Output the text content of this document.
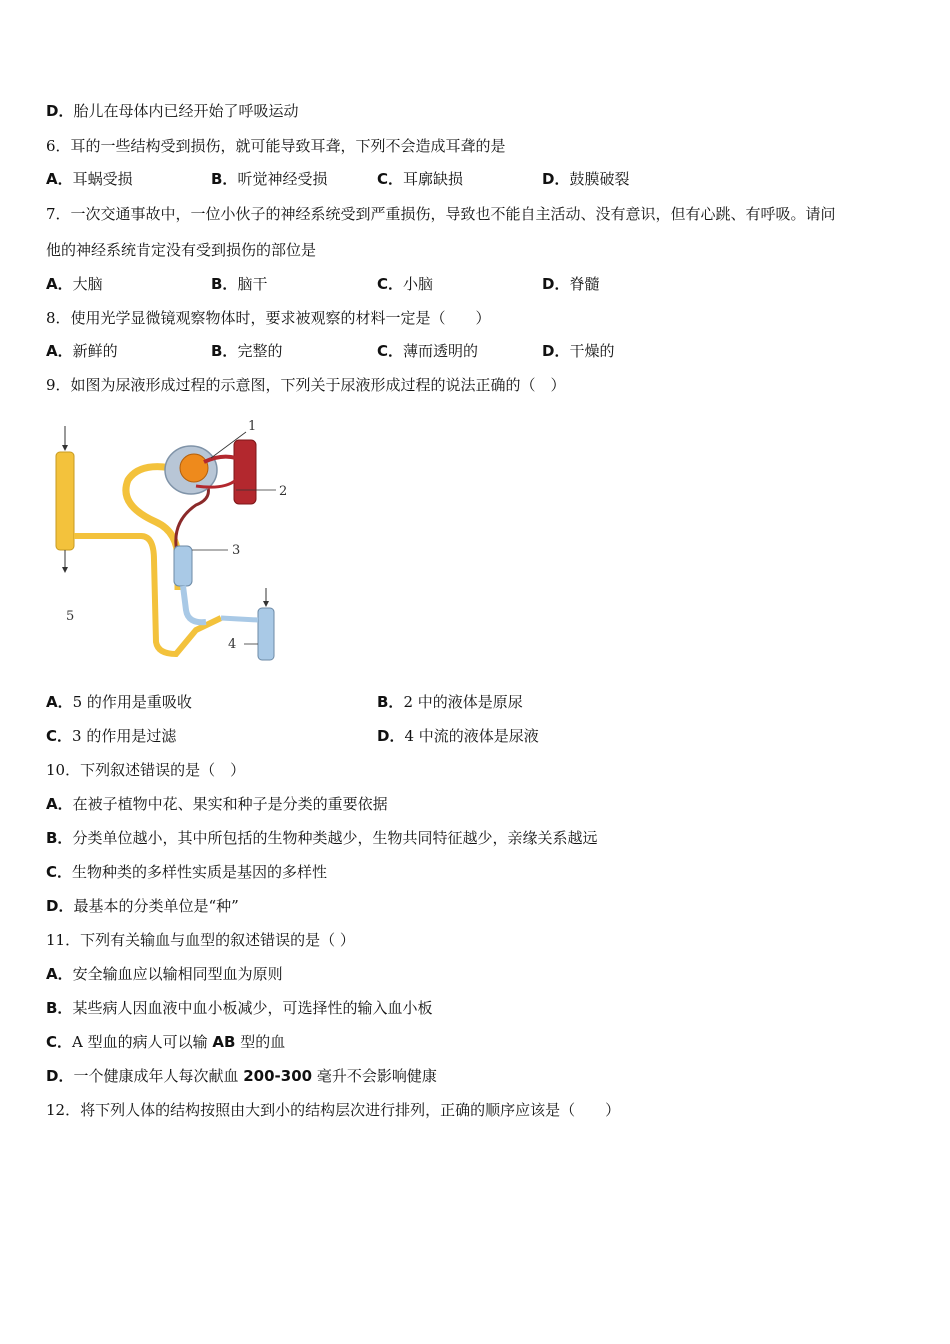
D．胎儿在母体内已经开始了呼吸运动
6．耳的一些结构受到损伤，就可能导致耳聋，下列不会造成耳聋的是
A．耳蜗受损	B．听觉神经受损	C．耳廓缺损	D．鼓膜破裂
7．一次交通事故中，一位小伙子的神经系统受到严重损伤，导致也不能自主活动、没有意识，但有心跳、有呼吸。请问
他的神经系统肯定没有受到损伤的部位是
A．大脑	B．脑干	C．小脑	D．脊髓
8．使用光学显微镜观察物体时，要求被观察的材料一定是（　　）
A．新鲜的	B．完整的	C．薄而透明的	D．干燥的
9．如图为尿液形成过程的示意图，下列关于尿液形成过程的说法正确的（　）
1
2
3
4
5
A．5 的作用是重吸收	B．2 中的液体是原尿
C．3 的作用是过滤	D．4 中流的液体是尿液
10．下列叙述错误的是（　）
A．在被子植物中花、果实和种子是分类的重要依据
B．分类单位越小，其中所包括的生物种类越少，生物共同特征越少，亲缘关系越远
C．生物种类的多样性实质是基因的多样性
D．最基本的分类单位是“种”
11．下列有关输血与血型的叙述错误的是（ ）
A．安全输血应以输相同型血为原则
B．某些病人因血液中血小板减少，可选择性的输入血小板
C．A 型血的病人可以输 AB 型的血
D．一个健康成年人每次献血 200-300 毫升不会影响健康
12．将下列人体的结构按照由大到小的结构层次进行排列，正确的顺序应该是（　　）
